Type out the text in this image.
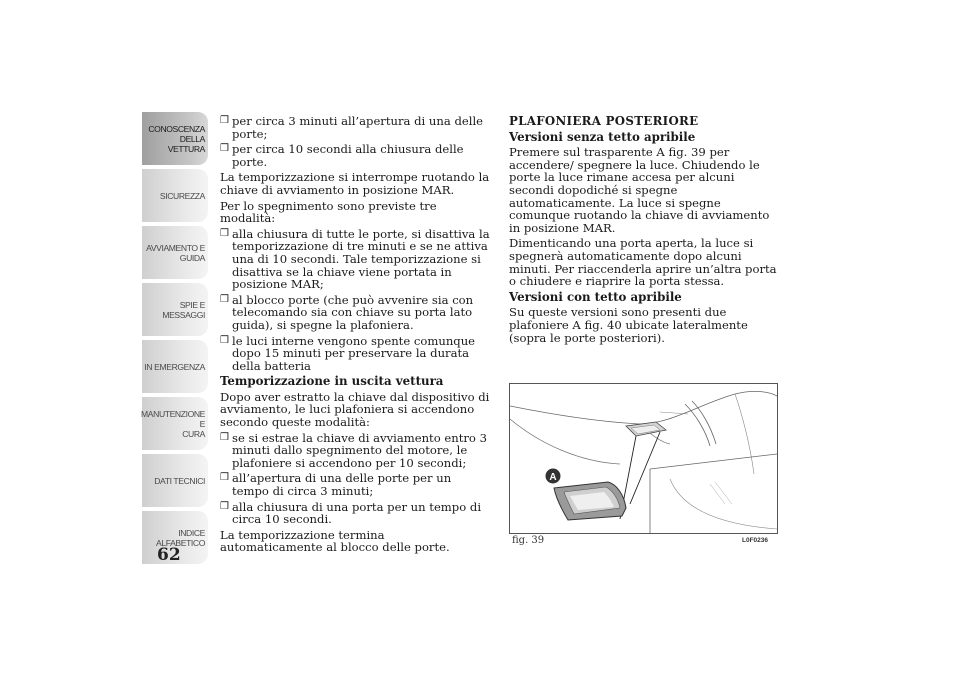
CONOSCENZA
DELLA VETTURA
SICUREZZA
AVVIAMENTO E
GUIDA
SPIE E MESSAGGI
IN EMERGENZA
MANUTENZIONE E
CURA
DATI TECNICI
INDICE
ALFABETICO
62
❒ per circa 3 minuti all’apertura di una delle porte;
❒ per circa 10 secondi alla chiusura delle porte.

La temporizzazione si interrompe ruotando la chiave di avviamento in posizione MAR.

Per lo spegnimento sono previste tre modalità:

❒ alla chiusura di tutte le porte, si disattiva la temporizzazione di tre minuti e se ne attiva una di 10 secondi. Tale temporizzazione si disattiva se la chiave viene portata in posizione MAR;
❒ al blocco porte (che può avvenire sia con telecomando sia con chiave su porta lato guida), si spegne la plafoniera.
❒ le luci interne vengono spente comunque dopo 15 minuti per preservare la durata della batteria
Temporizzazione in uscita vettura

Dopo aver estratto la chiave dal dispositivo di avviamento, le luci plafoniera si accendono secondo queste modalità:

❒ se si estrae la chiave di avviamento entro 3 minuti dallo spegnimento del motore, le plafoniere si accendono per 10 secondi;
❒ all’apertura di una delle porte per un tempo di circa 3 minuti;
❒ alla chiusura di una porta per un tempo di circa 10 secondi.

La temporizzazione termina automaticamente al blocco delle porte.

PLAFONIERA POSTERIORE
Versioni senza tetto apribile

Premere sul trasparente A fig. 39 per accendere/ spegnere la luce. Chiudendo le porte la luce rimane accesa per alcuni secondi dopodiché si spegne automaticamente. La luce si spegne comunque ruotando la chiave di avviamento in posizione MAR.

Dimenticando una porta aperta, la luce si spegnerà automaticamente dopo alcuni minuti. Per riaccenderla aprire un’altra porta o chiudere e riaprire la porta stessa.

Versioni con tetto apribile

Su queste versioni sono presenti due plafoniere A fig. 40 ubicate lateralmente (sopra le porte posteriori).

A
fig. 39	L0F0236
